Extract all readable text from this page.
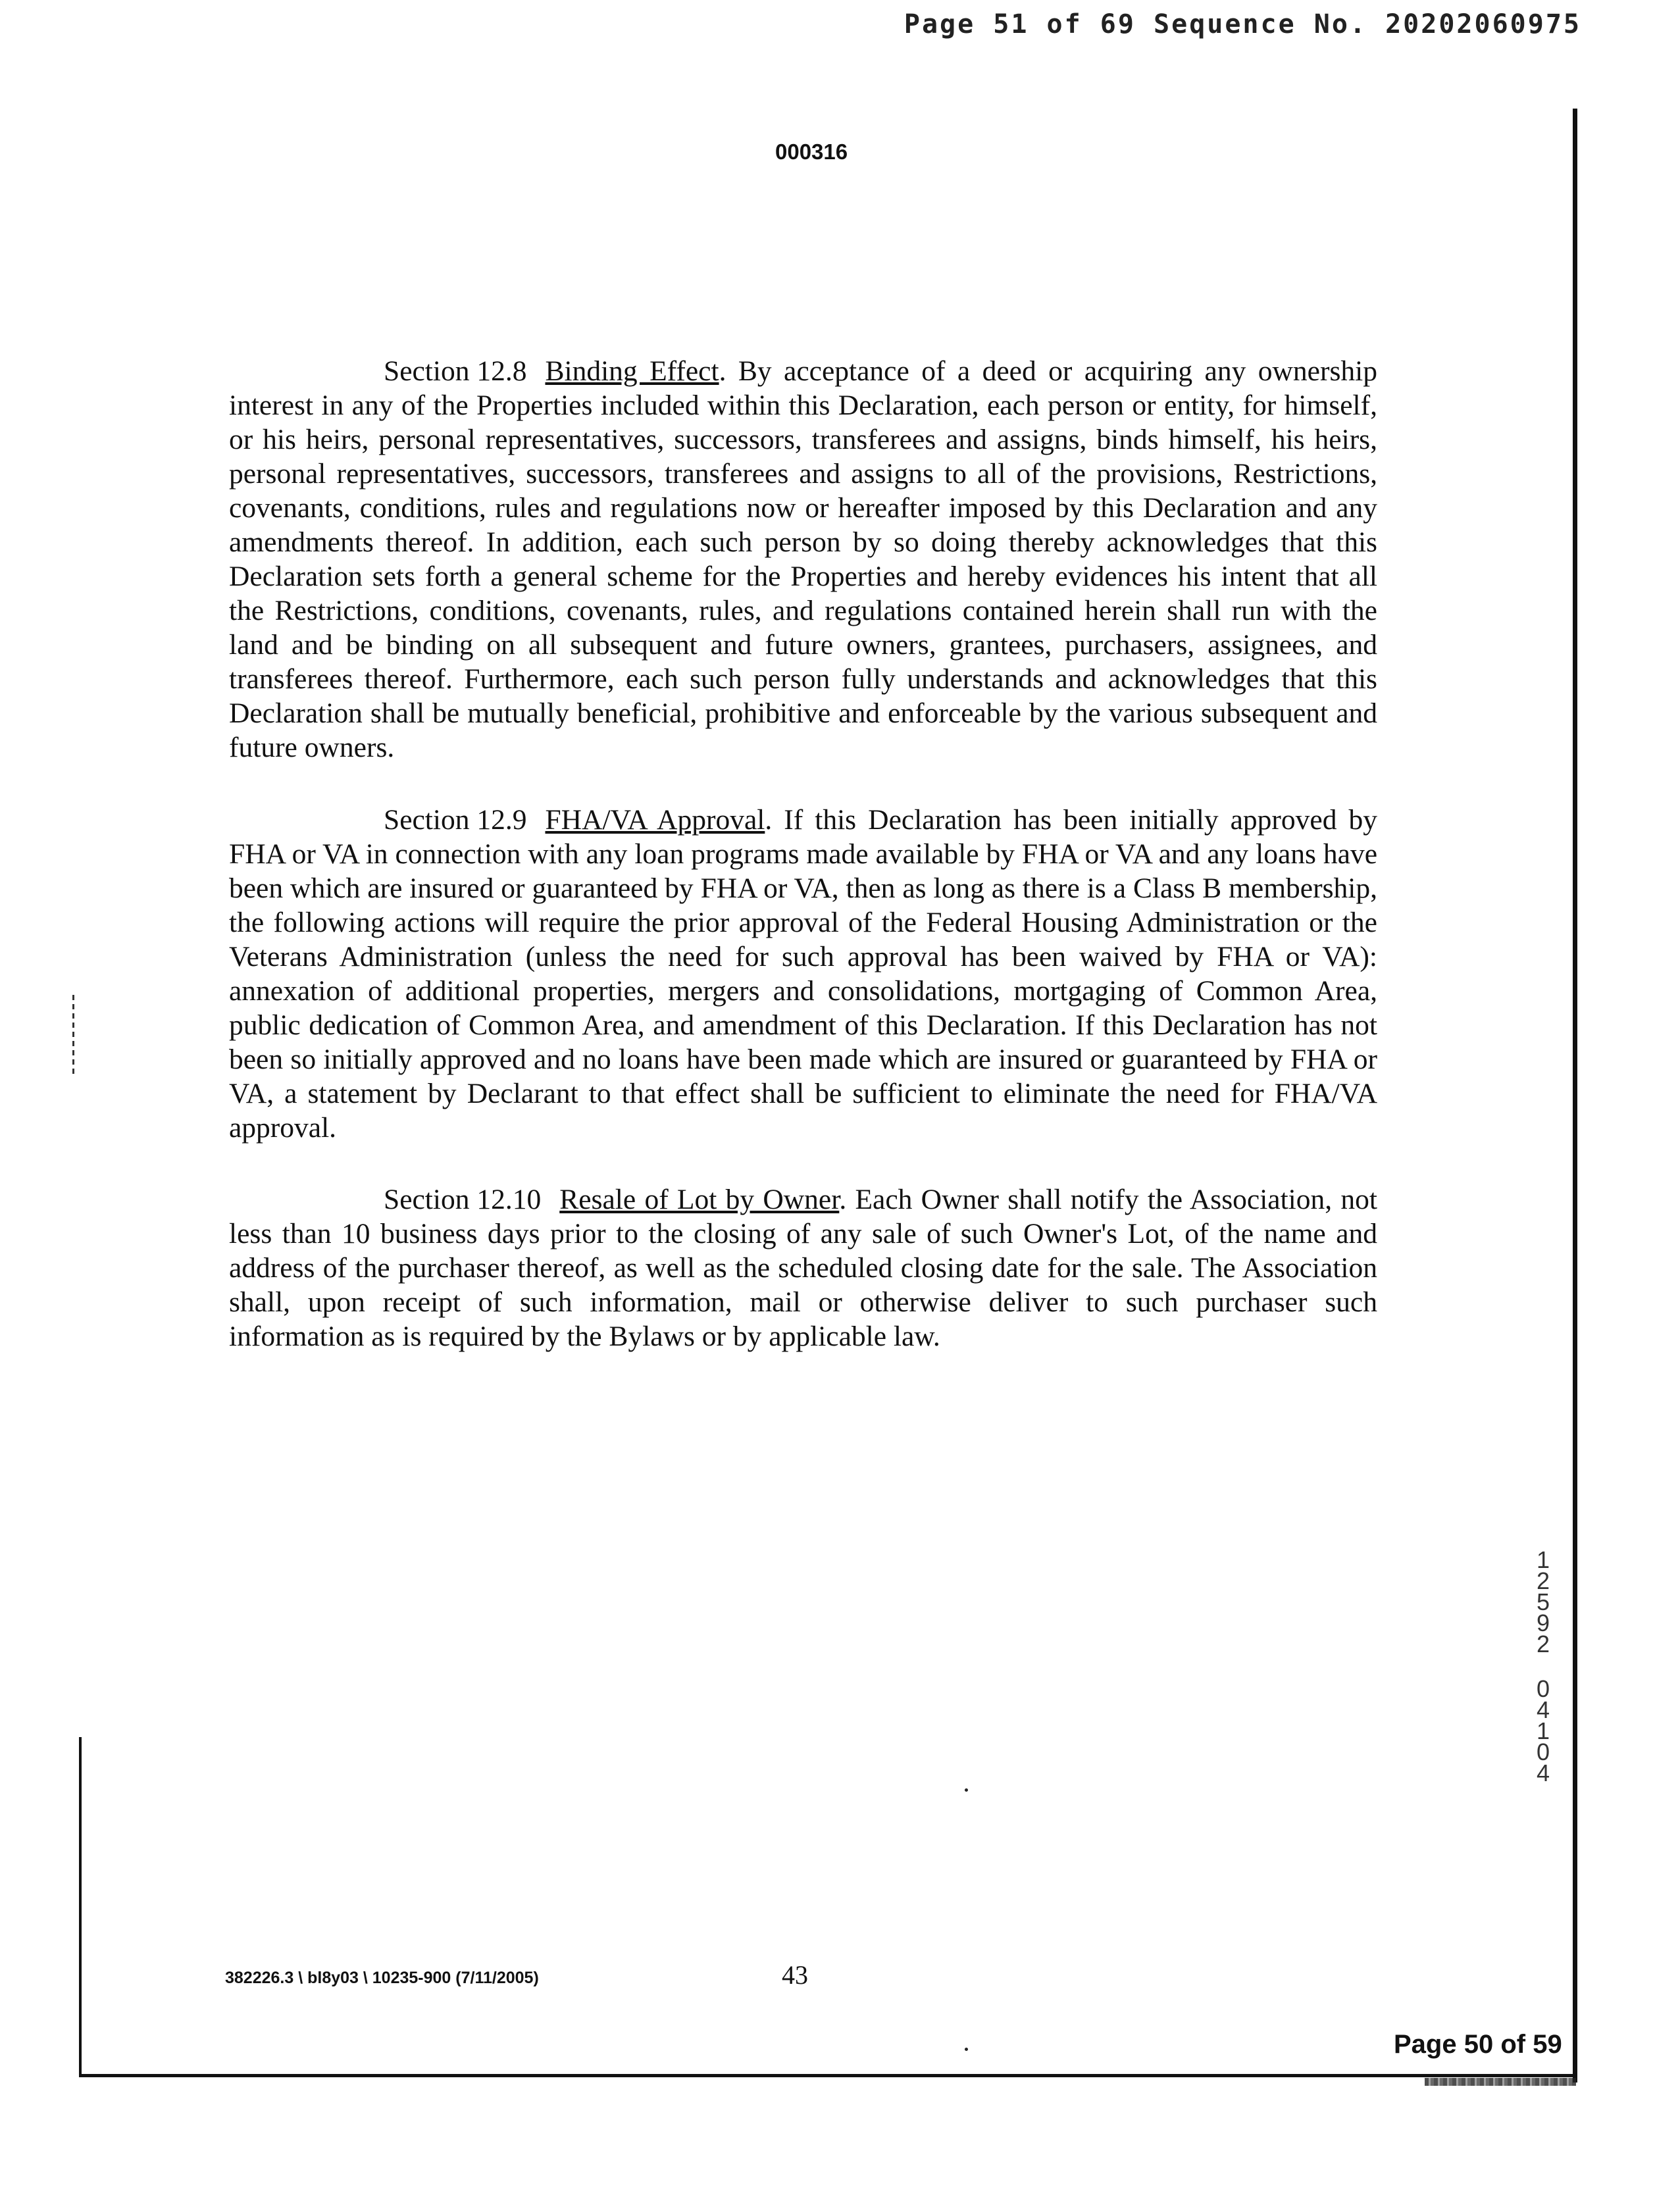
Page 51 of 69 Sequence No. 20202060975
000316

Section 12.8 Binding Effect. By acceptance of a deed or acquiring any ownership interest in any of the Properties included within this Declaration, each person or entity, for himself, or his heirs, personal representatives, successors, transferees and assigns, binds himself, his heirs, personal representatives, successors, transferees and assigns to all of the provisions, Restrictions, covenants, conditions, rules and regulations now or hereafter imposed by this Declaration and any amendments thereof. In addition, each such person by so doing thereby acknowledges that this Declaration sets forth a general scheme for the Properties and hereby evidences his intent that all the Restrictions, conditions, covenants, rules, and regulations contained herein shall run with the land and be binding on all subsequent and future owners, grantees, purchasers, assignees, and transferees thereof. Furthermore, each such person fully understands and acknowledges that this Declaration shall be mutually beneficial, prohibitive and enforceable by the various subsequent and future owners.

Section 12.9 FHA/VA Approval. If this Declaration has been initially approved by FHA or VA in connection with any loan programs made available by FHA or VA and any loans have been which are insured or guaranteed by FHA or VA, then as long as there is a Class B membership, the following actions will require the prior approval of the Federal Housing Administration or the Veterans Administration (unless the need for such approval has been waived by FHA or VA): annexation of additional properties, mergers and consolidations, mortgaging of Common Area, public dedication of Common Area, and amendment of this Declaration. If this Declaration has not been so initially approved and no loans have been made which are insured or guaranteed by FHA or VA, a statement by Declarant to that effect shall be sufficient to eliminate the need for FHA/VA approval.

Section 12.10 Resale of Lot by Owner. Each Owner shall notify the Association, not less than 10 business days prior to the closing of any sale of such Owner's Lot, of the name and address of the purchaser thereof, as well as the scheduled closing date for the sale. The Association shall, upon receipt of such information, mail or otherwise deliver to such purchaser such information as is required by the Bylaws or by applicable law.

1
2
5
9
2
0
4
1
0
4
382226.3 \ bl8y03 \ 10235-900 (7/11/2005)	43
Page 50 of 59
